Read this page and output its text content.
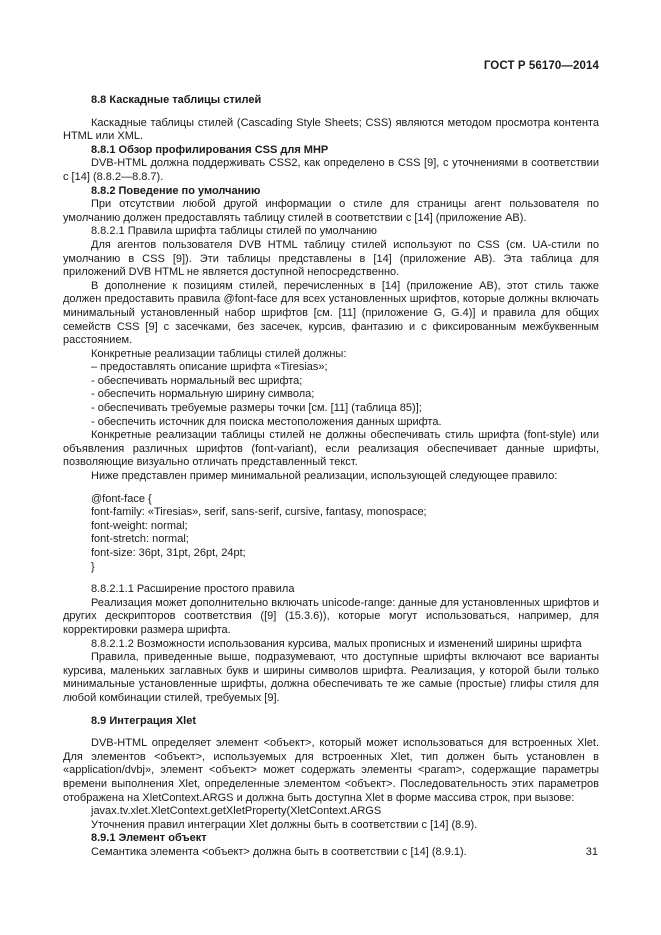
ГОСТ Р 56170—2014
8.8 Каскадные таблицы стилей

Каскадные таблицы стилей (Cascading Style Sheets; CSS) являются методом просмотра контента HTML или XML.

8.8.1 Обзор профилирования CSS для MHP

DVB-HTML должна поддерживать CSS2, как определено в CSS [9], с уточнениями в соответствии с [14] (8.8.2—8.8.7).

8.8.2 Поведение по умолчанию

При отсутствии любой другой информации о стиле для страницы агент пользователя по умолчанию должен предоставлять таблицу стилей в соответствии с [14] (приложение АВ).

8.8.2.1 Правила шрифта таблицы стилей по умолчанию

Для агентов пользователя DVB HTML таблицу стилей используют по CSS (см. UA-стили по умолчанию в CSS [9]). Эти таблицы представлены в [14] (приложение АВ). Эта таблица для приложений DVB HTML не является доступной непосредственно.

В дополнение к позициям стилей, перечисленных в [14] (приложение АВ), этот стиль также должен предоставить правила @font-face для всех установленных шрифтов, которые должны включать минимальный установленный набор шрифтов [см. [11] (приложение G, G.4)] и правила для общих семейств CSS [9] с засечками, без засечек, курсив, фантазию и с фиксированным межбуквенным расстоянием.

Конкретные реализации таблицы стилей должны:

– предоставлять описание шрифта «Tiresias»;

- обеспечивать нормальный вес шрифта;

- обеспечить нормальную ширину символа;

- обеспечивать требуемые размеры точки [см. [11] (таблица 85)];

- обеспечить источник для поиска местоположения данных шрифта.

Конкретные реализации таблицы стилей не должны обеспечивать стиль шрифта (font-style) или объявления различных шрифтов (font-variant), если реализация обеспечивает данные шрифты, позволяющие визуально отличать представленный текст.

Ниже представлен пример минимальной реализации, использующей следующее правило:

@font-face {

font-family: «Tiresias», serif, sans-serif, cursive, fantasy, monospace;

font-weight: normal;

font-stretch: normal;

font-size: 36pt, 31pt, 26pt, 24pt;

}

8.8.2.1.1 Расширение простого правила

Реализация может дополнительно включать unicode-range: данные для установленных шрифтов и других дескрипторов соответствия ([9] (15.3.6)), которые могут использоваться, например, для корректировки размера шрифта.

8.8.2.1.2 Возможности использования курсива, малых прописных и изменений ширины шрифта

Правила, приведенные выше, подразумевают, что доступные шрифты включают все варианты курсива, маленьких заглавных букв и ширины символов шрифта. Реализация, у которой были только минимальные установленные шрифты, должна обеспечивать те же самые (простые) глифы стиля для любой комбинации стилей, требуемых [9].

8.9 Интеграция Xlet

DVB-HTML определяет элемент <объект>, который может использоваться для встроенных Xlet. Для элементов <объект>, используемых для встроенных Xlet, тип должен быть установлен в «application/dvbj», элемент <объект> может содержать элементы <param>, содержащие параметры времени выполнения Xlet, определенные элементом <объект>. Последовательность этих параметров отображена на XletContext.ARGS и должна быть доступна Xlet в форме массива строк, при вызове:

javax.tv.xlet.XletContext.getXletProperty(XletContext.ARGS

Уточнения правил интеграции Xlet должны быть в соответствии с [14] (8.9).

8.9.1 Элемент объект

Семантика элемента <объект> должна быть в соответствии с [14] (8.9.1).	31
